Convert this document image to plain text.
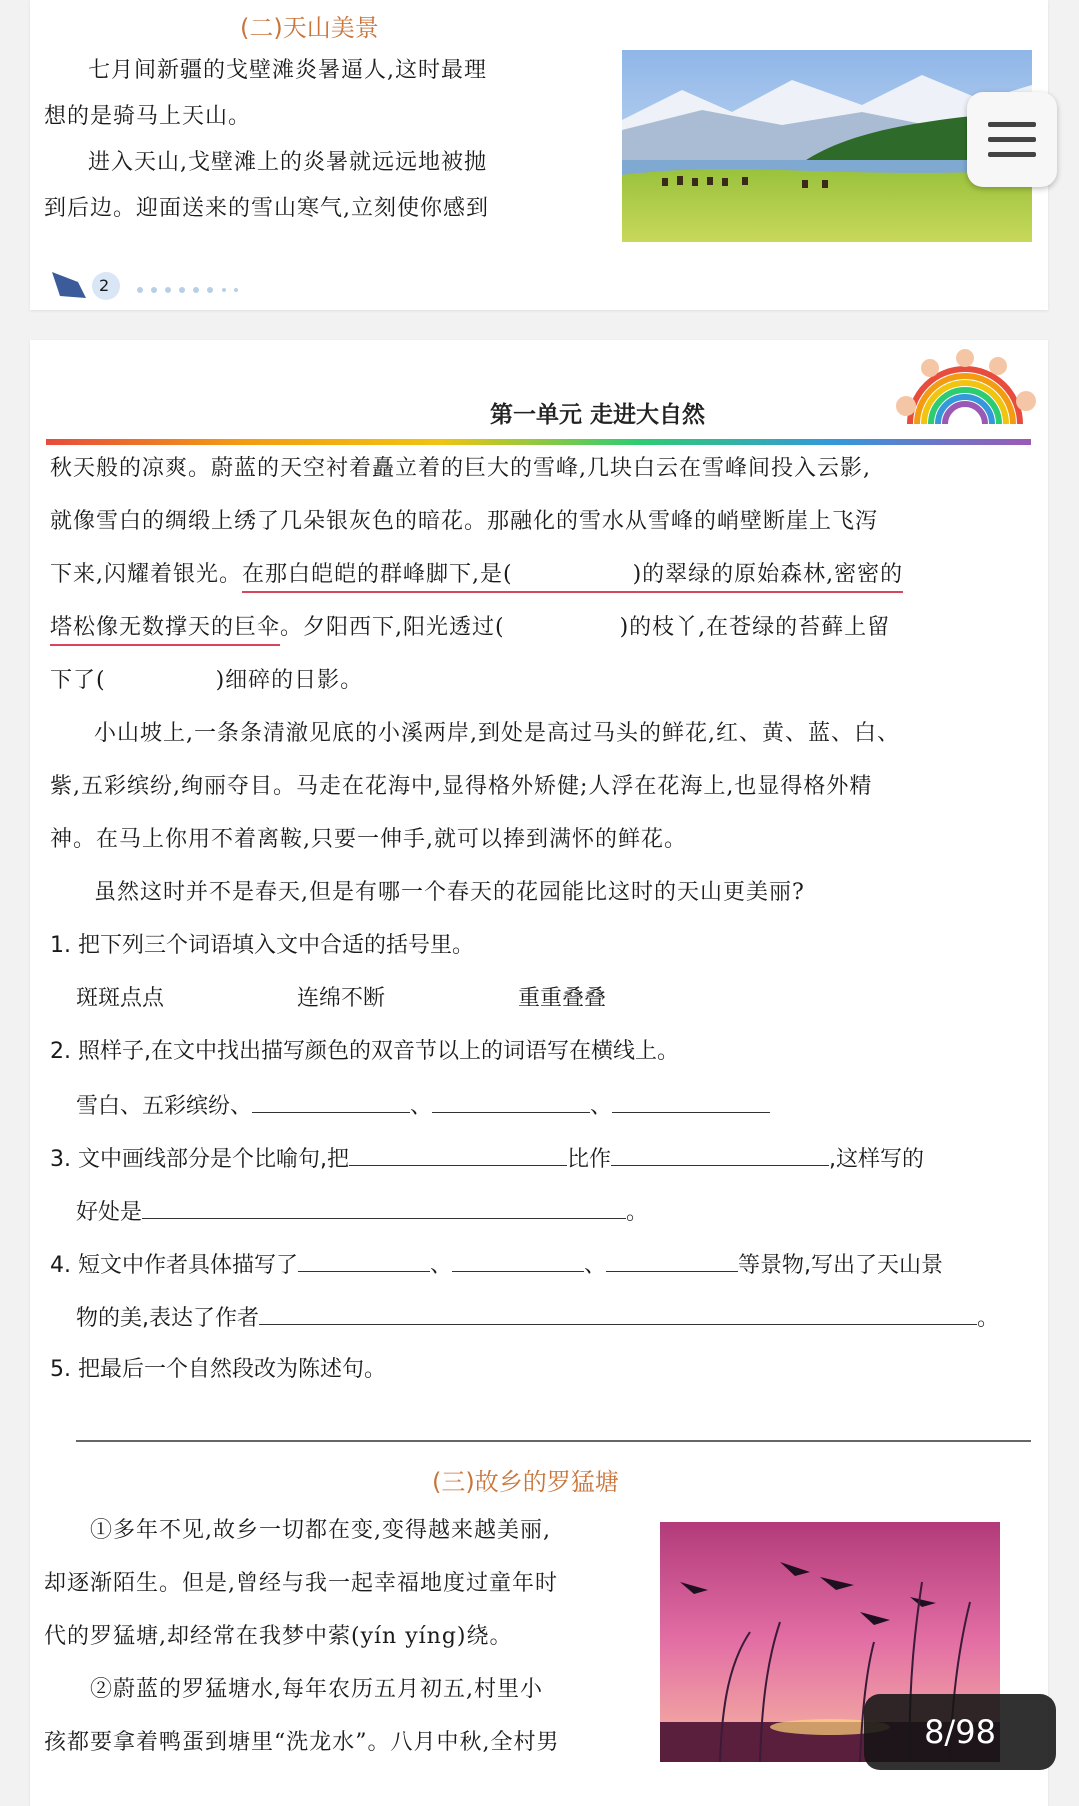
(二)天山美景
七月间新疆的戈壁滩炎暑逼人,这时最理
想的是骑马上天山。
进入天山,戈壁滩上的炎暑就远远地被抛
到后边。迎面送来的雪山寒气,立刻使你感到
2
第一单元 走进大自然
秋天般的凉爽。蔚蓝的天空衬着矗立着的巨大的雪峰,几块白云在雪峰间投入云影,
就像雪白的绸缎上绣了几朵银灰色的暗花。那融化的雪水从雪峰的峭壁断崖上飞泻
下来,闪耀着银光。在那白皑皑的群峰脚下,是(	)的翠绿的原始森林,密密的
塔松像无数撑天的巨伞。夕阳西下,阳光透过(	)的枝丫,在苍绿的苔藓上留
下了(	)细碎的日影。
小山坡上,一条条清澈见底的小溪两岸,到处是高过马头的鲜花,红、黄、蓝、白、
紫,五彩缤纷,绚丽夺目。马走在花海中,显得格外矫健;人浮在花海上,也显得格外精
神。在马上你用不着离鞍,只要一伸手,就可以捧到满怀的鲜花。
虽然这时并不是春天,但是有哪一个春天的花园能比这时的天山更美丽?
1. 把下列三个词语填入文中合适的括号里。
斑斑点点	连绵不断	重重叠叠
2. 照样子,在文中找出描写颜色的双音节以上的词语写在横线上。
雪白、五彩缤纷、	、	、
3. 文中画线部分是个比喻句,把	比作	,这样写的
好处是	。
4. 短文中作者具体描写了	、	、	等景物,写出了天山景
物的美,表达了作者	。
5. 把最后一个自然段改为陈述句。
(三)故乡的罗猛塘
①多年不见,故乡一切都在变,变得越来越美丽,
却逐渐陌生。但是,曾经与我一起幸福地度过童年时
代的罗猛塘,却经常在我梦中萦(yín yíng)绕。
②蔚蓝的罗猛塘水,每年农历五月初五,村里小
孩都要拿着鸭蛋到塘里“洗龙水”。八月中秋,全村男	8/98
